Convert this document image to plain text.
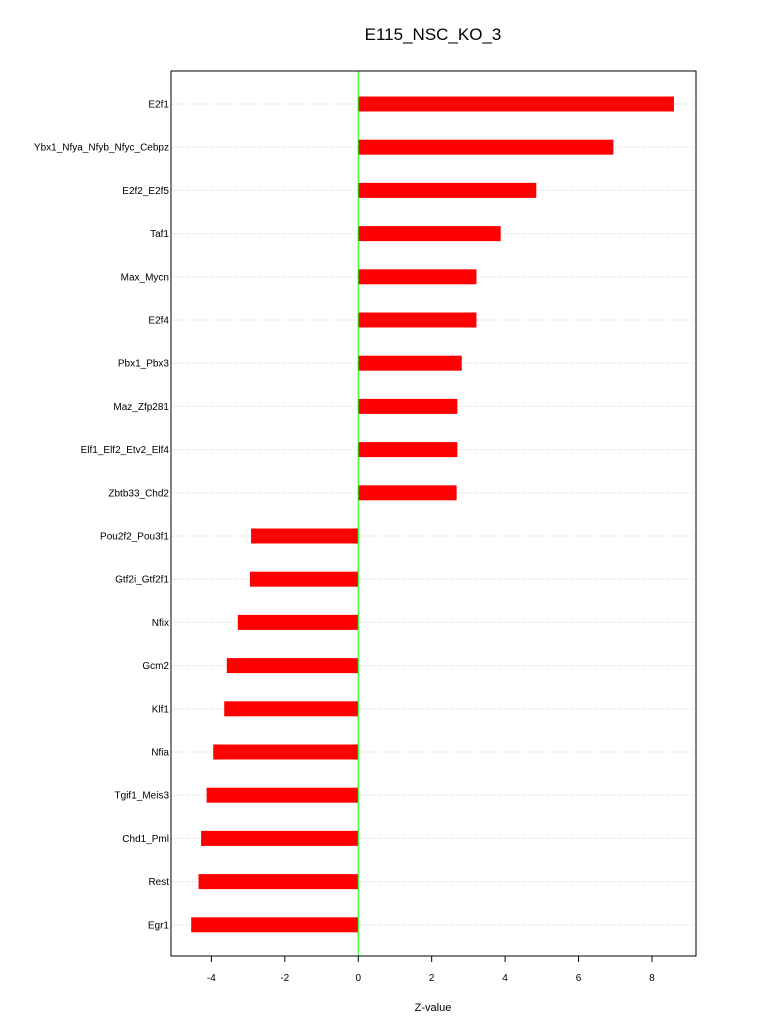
E115_NSC_KO_3
E2f1
Ybx1_Nfya_Nfyb_Nfyc_Cebpz
E2f2_E2f5
Taf1
Max_Mycn
E2f4
Pbx1_Pbx3
Maz_Zfp281
Elf1_Elf2_Etv2_Elf4
Zbtb33_Chd2
Pou2f2_Pou3f1
Gtf2i_Gtf2f1
Nfix
Gcm2
Klf1
Nfia
Tgif1_Meis3
Chd1_Pml
Rest
Egr1
-4	-2	0	2	4	6	8
Z-value
